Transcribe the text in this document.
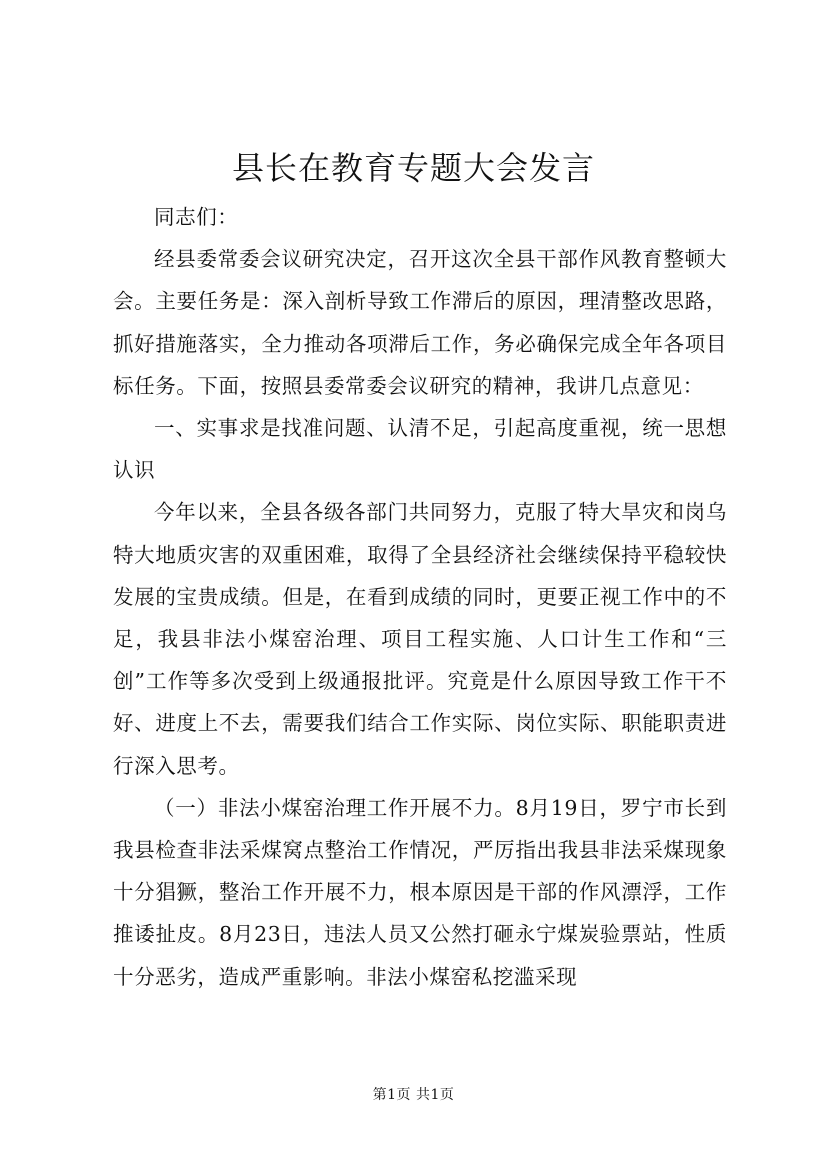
县长在教育专题大会发言

同志们：

经县委常委会议研究决定，召开这次全县干部作风教育整顿大会。主要任务是：深入剖析导致工作滞后的原因，理清整改思路，抓好措施落实，全力推动各项滞后工作，务必确保完成全年各项目标任务。下面，按照县委常委会议研究的精神，我讲几点意见：

一、实事求是找准问题、认清不足，引起高度重视，统一思想认识

今年以来，全县各级各部门共同努力，克服了特大旱灾和岗乌特大地质灾害的双重困难，取得了全县经济社会继续保持平稳较快发展的宝贵成绩。但是，在看到成绩的同时，更要正视工作中的不足，我县非法小煤窑治理、项目工程实施、人口计生工作和“三创”工作等多次受到上级通报批评。究竟是什么原因导致工作干不好、进度上不去，需要我们结合工作实际、岗位实际、职能职责进行深入思考。

（一）非法小煤窑治理工作开展不力。8月19日，罗宁市长到我县检查非法采煤窝点整治工作情况，严厉指出我县非法采煤现象十分猖獗，整治工作开展不力，根本原因是干部的作风漂浮，工作推诿扯皮。8月23日，违法人员又公然打砸永宁煤炭验票站，性质十分恶劣，造成严重影响。非法小煤窑私挖滥采现

第1页 共1页
